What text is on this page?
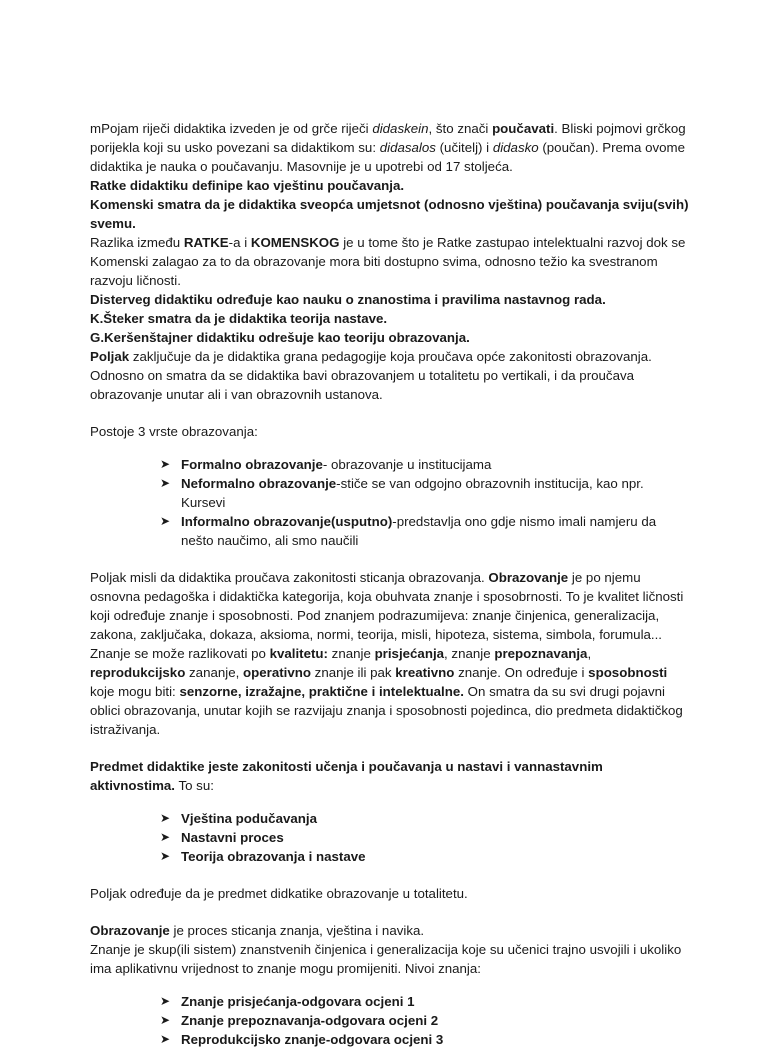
mPojam riječi didaktika izveden je od grče riječi didaskein, što znači poučavati. Bliski pojmovi grčkog porijekla koji su usko povezani sa didaktikom su: didasalos (učitelj) i didasko (poučan). Prema ovome didaktika je nauka o poučavanju. Masovnije je u upotrebi od 17 stoljeća.

Ratke didaktiku definipe kao vještinu poučavanja.

Komenski smatra da je didaktika sveopća umjetsnot (odnosno vještina) poučavanja sviju(svih) svemu.

Razlika između RATKE-a i KOMENSKOG je u tome što je Ratke zastupao intelektualni razvoj dok se Komenski zalagao za to da obrazovanje mora biti dostupno svima, odnosno težio ka svestranom razvoju ličnosti.

Disterveg didaktiku određuje kao nauku o znanostima i pravilima nastavnog rada.

K.Šteker smatra da je didaktika teorija nastave.

G.Keršenštajner didaktiku odrešuje kao teoriju obrazovanja.

Poljak zaključuje da je didaktika grana pedagogije koja proučava opće zakonitosti obrazovanja. Odnosno on smatra da se didaktika bavi obrazovanjem u totalitetu po vertikali, i da proučava obrazovanje unutar ali i van obrazovnih ustanova.

Postoje 3 vrste obrazovanja:

➤ Formalno obrazovanje- obrazovanje u institucijama
➤ Neformalno obrazovanje-stiče se van odgojno obrazovnih institucija, kao npr. Kursevi
➤ Informalno obrazovanje(usputno)-predstavlja ono gdje nismo imali namjeru da nešto naučimo, ali smo naučili

Poljak misli da didaktika proučava zakonitosti sticanja obrazovanja. Obrazovanje je po njemu osnovna pedagoška i didaktička kategorija, koja obuhvata znanje i sposobrnosti. To je kvalitet ličnosti koji određuje znanje i sposobnosti. Pod znanjem podrazumijeva: znanje činjenica, generalizacija, zakona, zaključaka, dokaza, aksioma, normi, teorija, misli, hipoteza, sistema, simbola, forumula... Znanje se može razlikovati po kvalitetu: znanje prisjećanja, znanje prepoznavanja, reprodukcijsko zananje, operativno znanje ili pak kreativno znanje. On određuje i sposobnosti koje mogu biti: senzorne, izražajne, praktične i intelektualne. On smatra da su svi drugi pojavni oblici obrazovanja, unutar kojih se razvijaju znanja i sposobnosti pojedinca, dio predmeta didaktičkog istraživanja.

Predmet didaktike jeste zakonitosti učenja i poučavanja u nastavi i vannastavnim aktivnostima. To su:

➤ Vještina podučavanja
➤ Nastavni proces
➤ Teorija obrazovanja i nastave

Poljak određuje da je predmet didkatike obrazovanje u totalitetu.

Obrazovanje je proces sticanja znanja, vještina i navika.

Znanje je skup(ili sistem) znanstvenih činjenica i generalizacija koje su učenici trajno usvojili i ukoliko ima aplikativnu vrijednost to znanje mogu promijeniti. Nivoi znanja:

➤ Znanje prisjećanja-odgovara ocjeni 1
➤ Znanje prepoznavanja-odgovara ocjeni 2
➤ Reprodukcijsko znanje-odgovara ocjeni 3
